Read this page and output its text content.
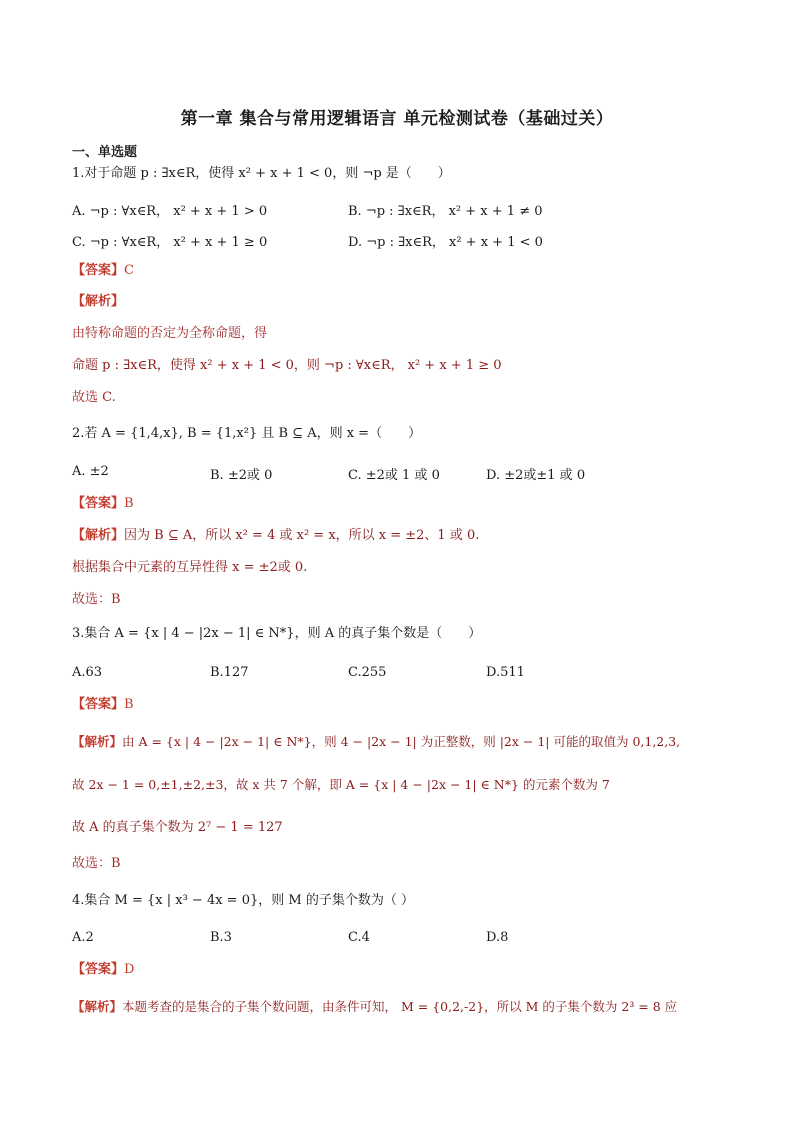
第一章 集合与常用逻辑语言 单元检测试卷（基础过关）
一、单选题
1.对于命题 p : ∃x∈R，使得 x² + x + 1 < 0，则 ¬p 是（　　）
A. ¬p : ∀x∈R， x² + x + 1 > 0	B. ¬p : ∃x∈R， x² + x + 1 ≠ 0
C. ¬p : ∀x∈R， x² + x + 1 ≥ 0	D. ¬p : ∃x∈R， x² + x + 1 < 0
【答案】C
【解析】
由特称命题的否定为全称命题，得
命题 p : ∃x∈R，使得 x² + x + 1 < 0，则 ¬p : ∀x∈R， x² + x + 1 ≥ 0
故选 C.
2.若 A = {1,4,x}, B = {1,x²} 且 B ⊆ A，则 x =（　　）
A. ±2	B. ±2或 0	C. ±2或 1 或 0	D. ±2或±1 或 0
【答案】B
【解析】因为 B ⊆ A，所以 x² = 4 或 x² = x，所以 x = ±2、1 或 0.
根据集合中元素的互异性得 x = ±2或 0.
故选：B
3.集合 A = {x | 4 − |2x − 1| ∈ N*}，则 A 的真子集个数是（　　）
A.63	B.127	C.255	D.511
【答案】B
【解析】由 A = {x | 4 − |2x − 1| ∈ N*}，则 4 − |2x − 1| 为正整数，则 |2x − 1| 可能的取值为 0,1,2,3,
故 2x − 1 = 0,±1,±2,±3，故 x 共 7 个解，即 A = {x | 4 − |2x − 1| ∈ N*} 的元素个数为 7
故 A 的真子集个数为 2⁷ − 1 = 127
故选：B
4.集合 M = {x | x³ − 4x = 0}，则 M 的子集个数为（ ）
A.2	B.3	C.4	D.8
【答案】D
【解析】本题考查的是集合的子集个数问题，由条件可知， M = {0,2,-2}，所以 M 的子集个数为 2³ = 8 应
